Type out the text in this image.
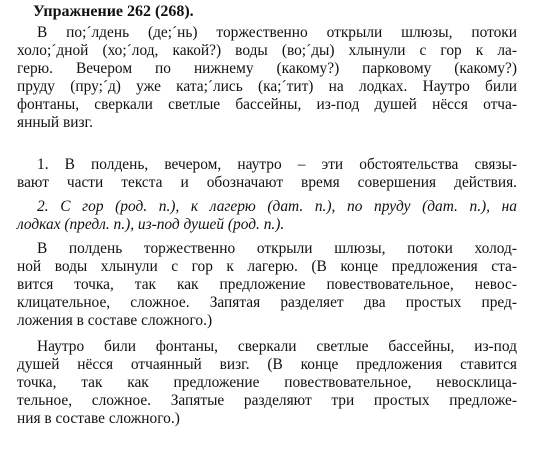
Упражнение 262 (268).
В по;´лдень (де;´нь) торжественно открыли шлюзы, потоки
холо;´дной (хо;´лод, какой?) воды (во;´ды) хлынули с гор к ла-
герю. Вечером по нижнему (какому?) парковому (какому?)
пруду (пру;´д) уже ката;´лись (ка;´тит) на лодках. Наутро били
фонтаны, сверкали светлые бассейны, из-под душей нёсся отча-
янный визг.
1. В полдень, вечером, наутро – эти обстоятельства связы-
вают части текста и обозначают время совершения действия.
2. С гор (род. п.), к лагерю (дат. п.), по пруду (дат. п.), на
лодках (предл. п.), из-под душей (род. п.).
В полдень торжественно открыли шлюзы, потоки холод-
ной воды хлынули с гор к лагерю. (В конце предложения ста-
вится точка, так как предложение повествовательное, невос-
клицательное, сложное. Запятая разделяет два простых пред-
ложения в составе сложного.)
Наутро били фонтаны, сверкали светлые бассейны, из-под
душей нёсся отчаянный визг. (В конце предложения ставится
точка, так как предложение повествовательное, невосклица-
тельное, сложное. Запятые разделяют три простых предложе-
ния в составе сложного.)
